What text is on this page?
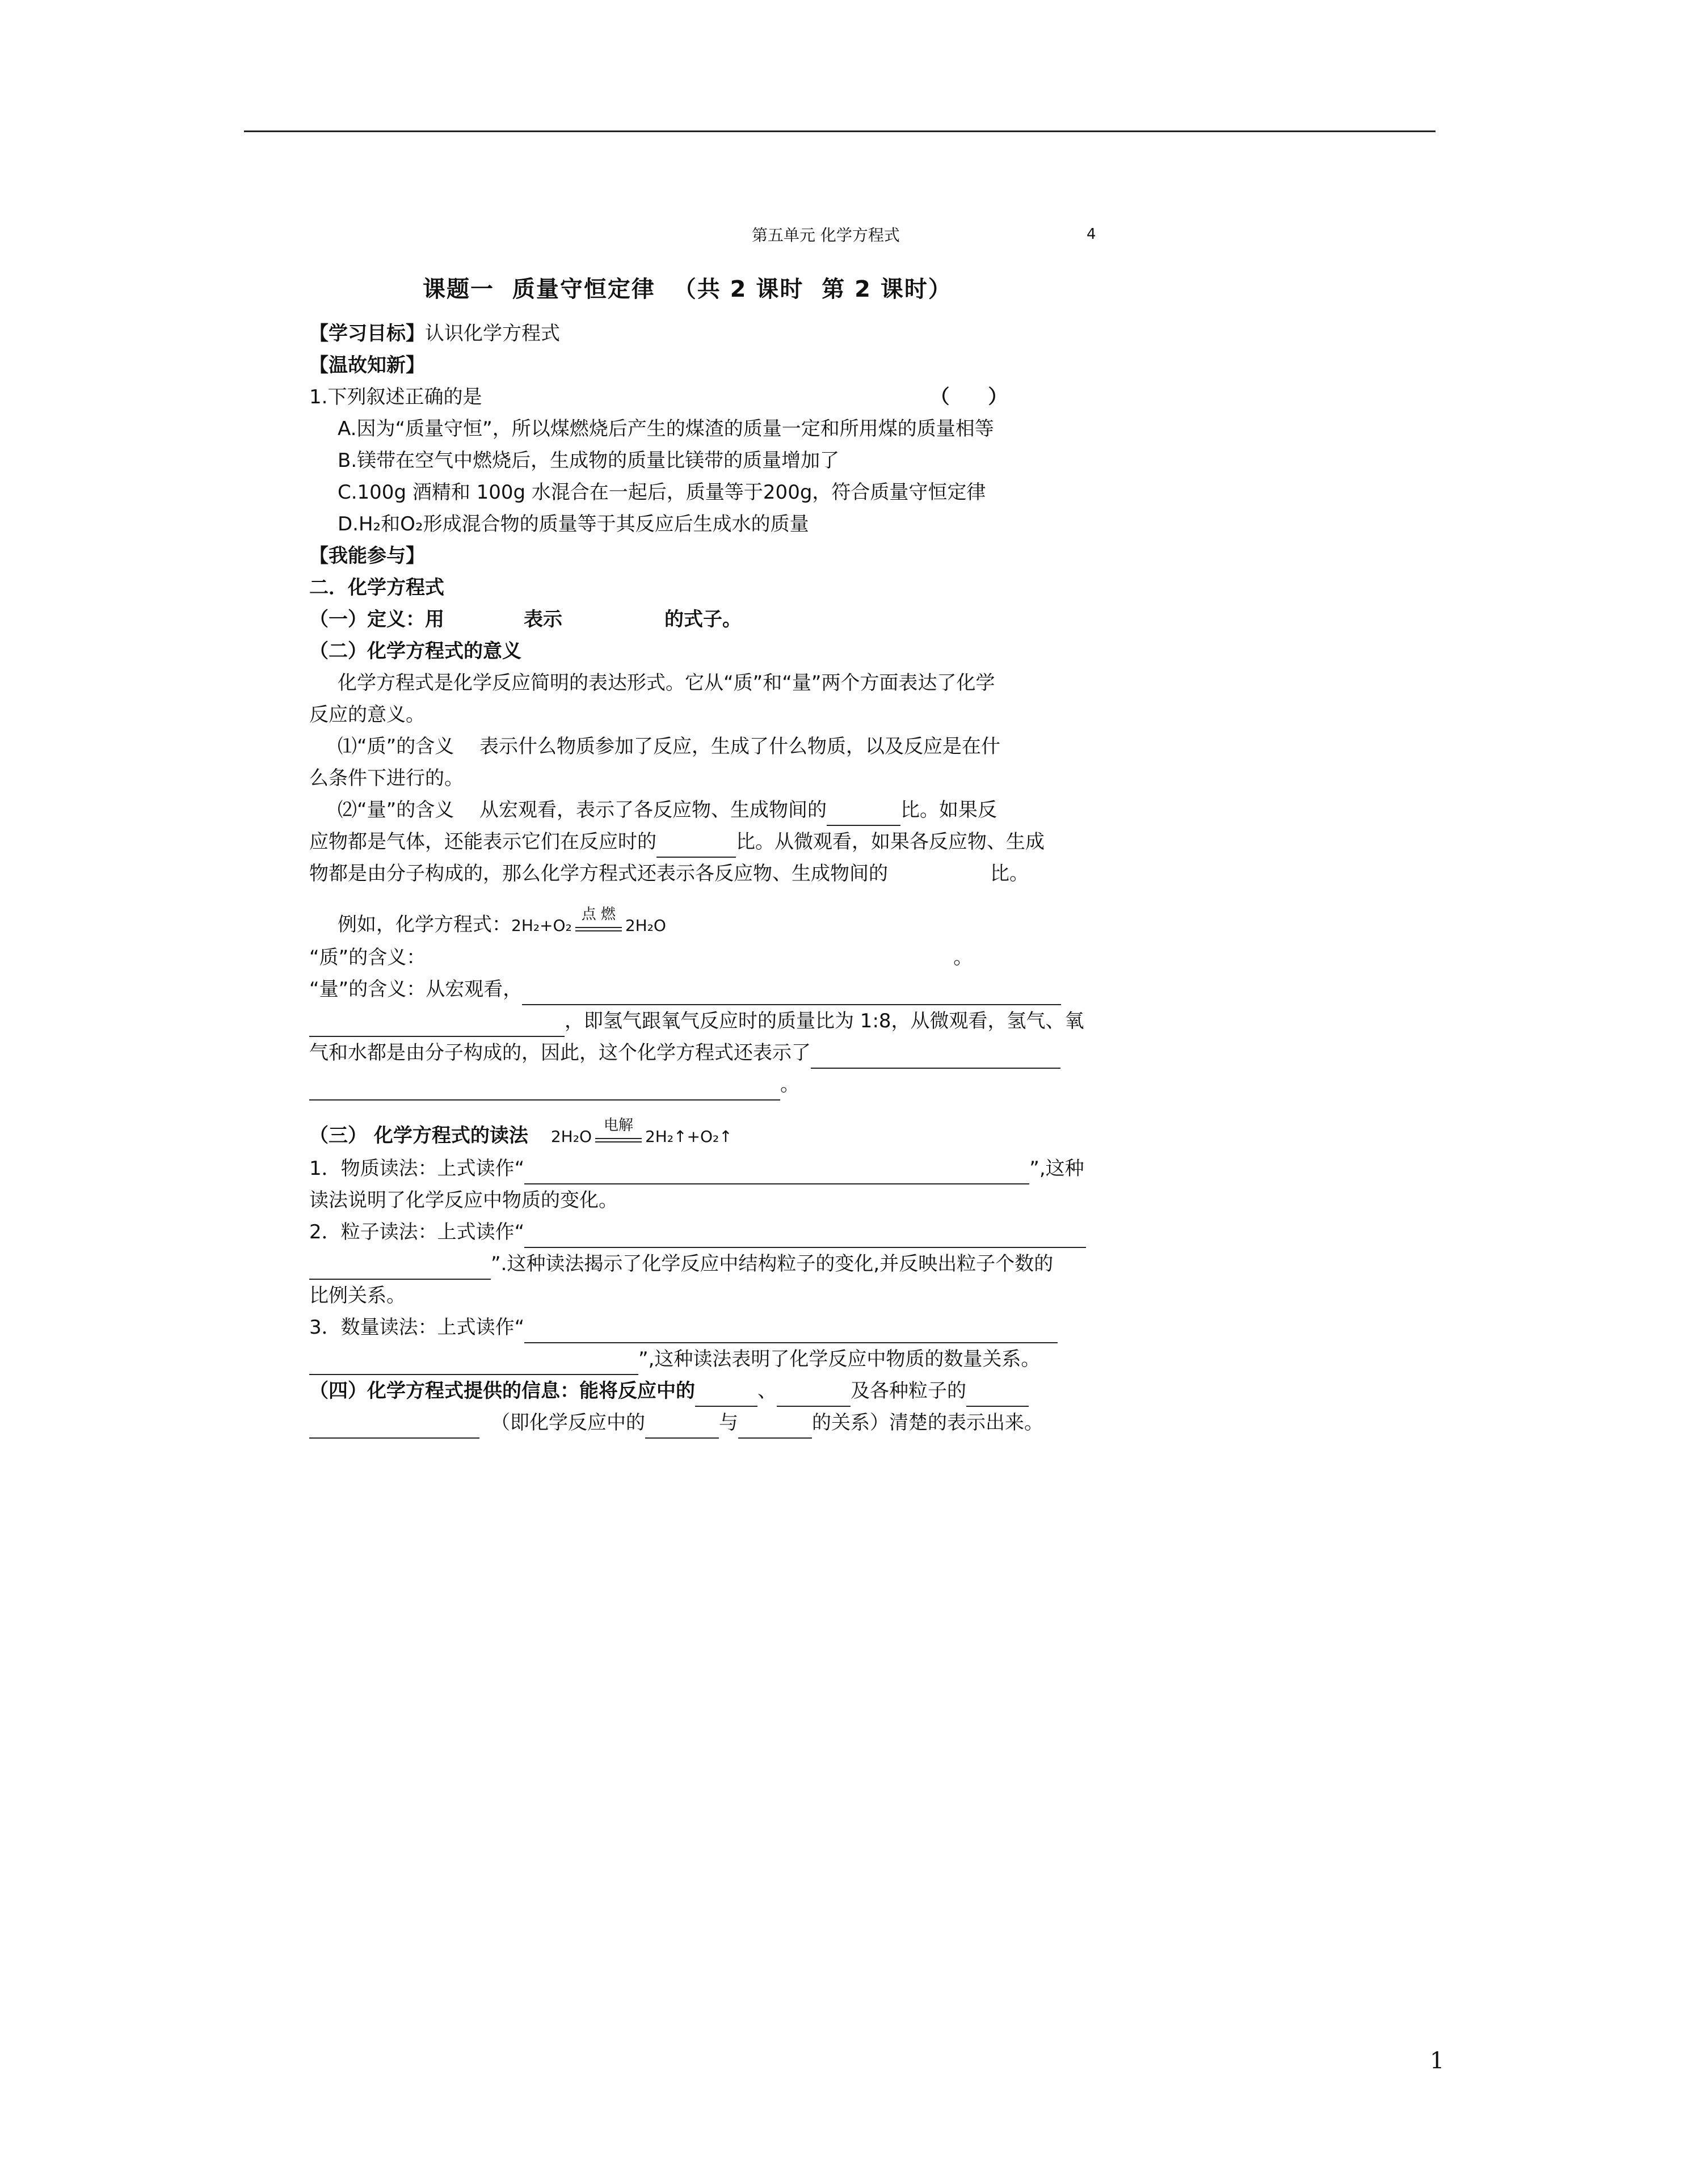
第五单元 化学方程式	4
课题一  质量守恒定律  （共 2 课时  第 2 课时）
【学习目标】认识化学方程式
【温故知新】
1.下列叙述正确的是	（　　）
A.因为“质量守恒”，所以煤燃烧后产生的煤渣的质量一定和所用煤的质量相等
B.镁带在空气中燃烧后，生成物的质量比镁带的质量增加了
C.100g 酒精和 100g 水混合在一起后，质量等于200g，符合质量守恒定律
D.H₂和O₂形成混合物的质量等于其反应后生成水的质量
【我能参与】
二．化学方程式
（一）定义：用	表示	的式子。
（二）化学方程式的意义
化学方程式是化学反应简明的表达形式。它从“质”和“量”两个方面表达了化学
反应的意义。
⑴“质”的含义　 表示什么物质参加了反应，生成了什么物质，以及反应是在什
么条件下进行的。
⑵“量”的含义　 从宏观看，表示了各反应物、生成物间的	比。如果反
应物都是气体，还能表示它们在反应时的	比。从微观看，如果各反应物、生成
物都是由分子构成的，那么化学方程式还表示各反应物、生成物间的	比。
例如，化学方程式：2H₂+O₂
点 燃
2H₂O
“质”的含义：	。
“量”的含义：从宏观看，
，即氢气跟氧气反应时的质量比为 1:8，从微观看，氢气、氧
气和水都是由分子构成的，因此，这个化学方程式还表示了
。
（三） 化学方程式的读法 2H₂O
电解
2H₂↑+O₂↑
1．物质读法：上式读作“	”,这种
读法说明了化学反应中物质的变化。
2．粒子读法：上式读作“
”.这种读法揭示了化学反应中结构粒子的变化,并反映出粒子个数的
比例关系。
3．数量读法：上式读作“
”,这种读法表明了化学反应中物质的数量关系。
（四）化学方程式提供的信息：能将反应中的	、	及各种粒子的
（即化学反应中的	与	的关系）清楚的表示出来。
1
